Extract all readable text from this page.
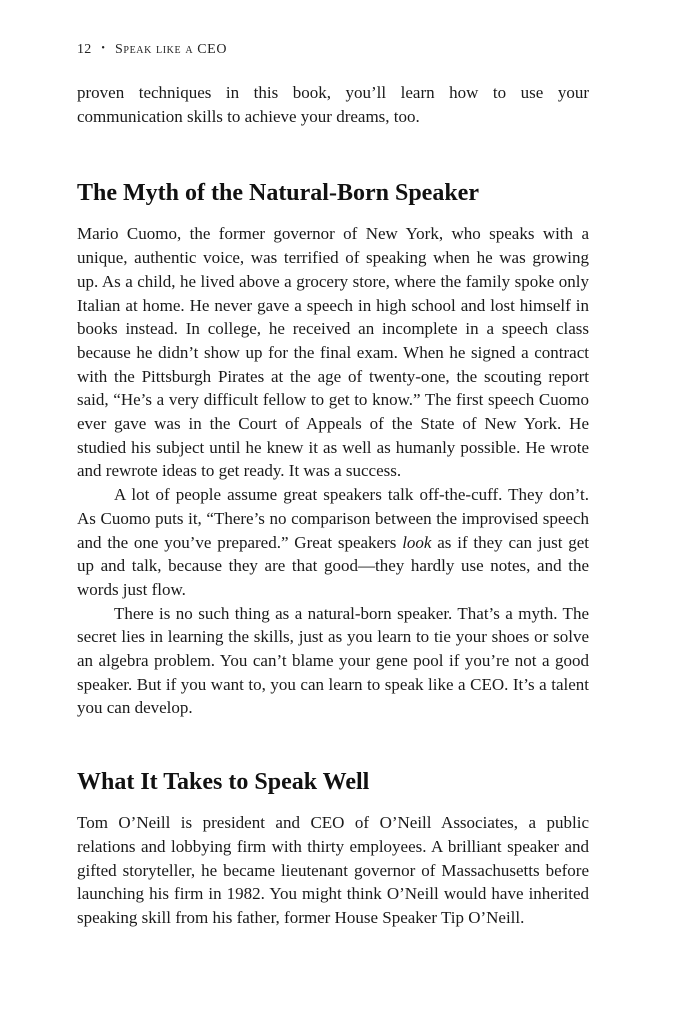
12 • Speak like a CEO

proven techniques in this book, you’ll learn how to use your communication skills to achieve your dreams, too.

The Myth of the Natural-Born Speaker

Mario Cuomo, the former governor of New York, who speaks with a unique, authentic voice, was terrified of speaking when he was growing up. As a child, he lived above a grocery store, where the family spoke only Italian at home. He never gave a speech in high school and lost himself in books instead. In college, he received an incomplete in a speech class because he didn’t show up for the final exam. When he signed a contract with the Pittsburgh Pirates at the age of twenty-one, the scouting report said, “He’s a very difficult fellow to get to know.” The first speech Cuomo ever gave was in the Court of Appeals of the State of New York. He studied his subject until he knew it as well as humanly possible. He wrote and rewrote ideas to get ready. It was a success.

A lot of people assume great speakers talk off-the-cuff. They don’t. As Cuomo puts it, “There’s no comparison between the improvised speech and the one you’ve prepared.” Great speakers look as if they can just get up and talk, because they are that good—they hardly use notes, and the words just flow.

There is no such thing as a natural-born speaker. That’s a myth. The secret lies in learning the skills, just as you learn to tie your shoes or solve an algebra problem. You can’t blame your gene pool if you’re not a good speaker. But if you want to, you can learn to speak like a CEO. It’s a talent you can develop.

What It Takes to Speak Well

Tom O’Neill is president and CEO of O’Neill Associates, a public relations and lobbying firm with thirty employees. A brilliant speaker and gifted storyteller, he became lieutenant governor of Massachusetts before launching his firm in 1982. You might think O’Neill would have inherited speaking skill from his father, former House Speaker Tip O’Neill.
